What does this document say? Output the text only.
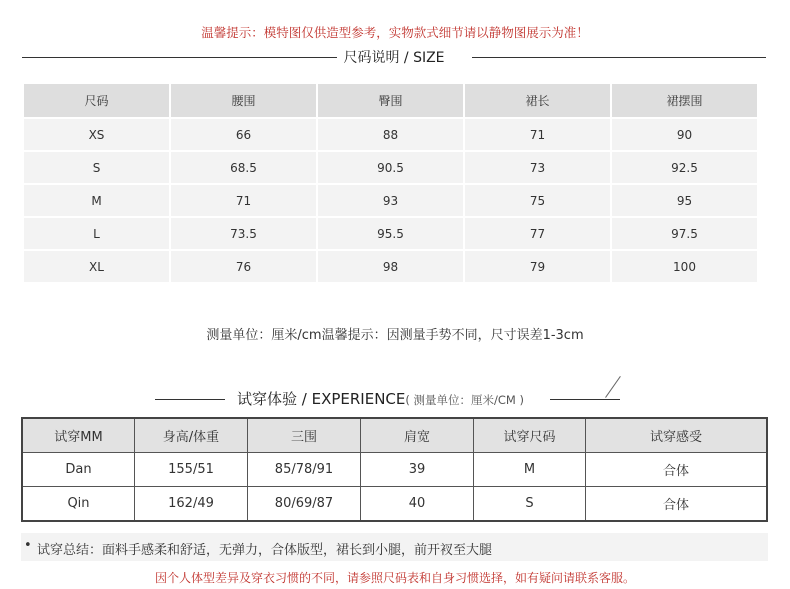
温馨提示：模特图仅供造型参考，实物款式细节请以静物图展示为准！
尺码说明 / SIZE
尺码	腰围	臀围	裙长	裙摆围
XS	66	88	71	90
S	68.5	90.5	73	92.5
M	71	93	75	95
L	73.5	95.5	77	97.5
XL	76	98	79	100
测量单位：厘米/cm温馨提示：因测量手势不同，尺寸误差1-3cm
试穿体验 / EXPERIENCE( 测量单位：厘米/CM )
试穿MM	身高/体重	三围	肩宽	试穿尺码	试穿感受
Dan	155/51	85/78/91	39	M	合体
Qin	162/49	80/69/87	40	S	合体
• 试穿总结：面料手感柔和舒适，无弹力，合体版型，裙长到小腿，前开衩至大腿
因个人体型差异及穿衣习惯的不同，请参照尺码表和自身习惯选择，如有疑问请联系客服。
